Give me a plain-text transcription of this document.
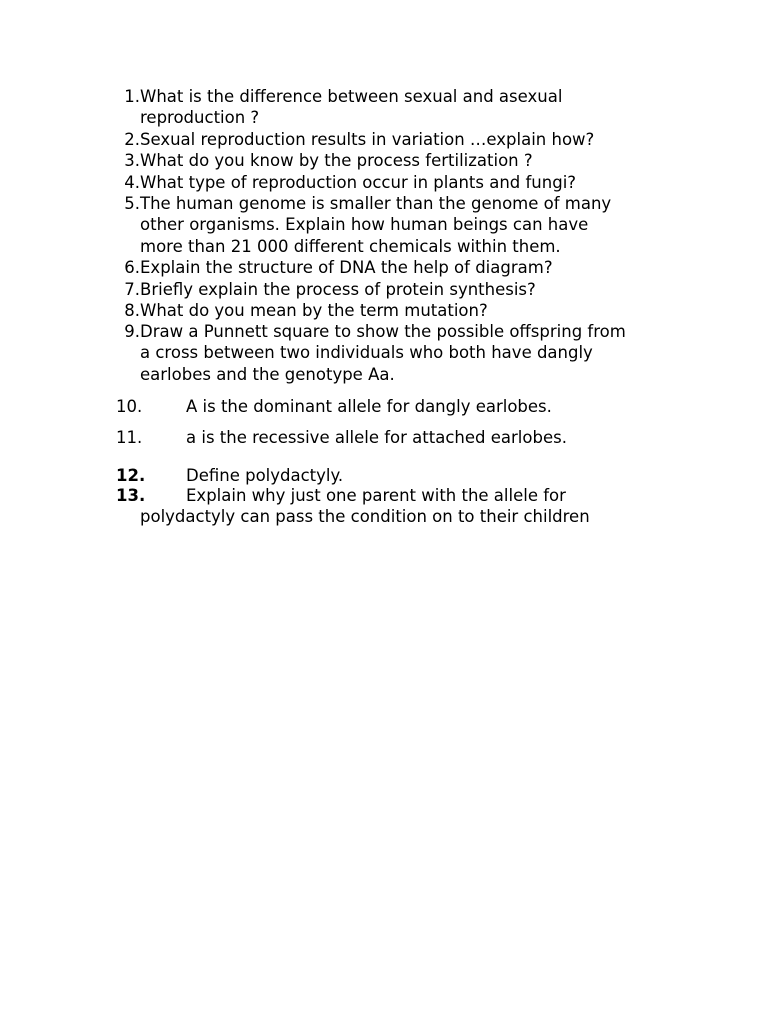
1. What is the difference between sexual and asexual
reproduction ?
2. Sexual reproduction results in variation …explain how?
3. What do you know by the process fertilization ?
4. What type of reproduction occur in plants and fungi?
5. The human genome is smaller than the genome of many
other organisms. Explain how human beings can have
more than 21 000 different chemicals within them.
6. Explain the structure of DNA the help of diagram?
7. Briefly explain the process of protein synthesis?
8. What do you mean by the term mutation?
9. Draw a Punnett square to show the possible offspring from
a cross between two individuals who both have dangly
earlobes and the genotype Aa.
10.	A is the dominant allele for dangly earlobes.
11.	a is the recessive allele for attached earlobes.
12. Define polydactyly.
13. Explain why just one parent with the allele for
polydactyly can pass the condition on to their children
